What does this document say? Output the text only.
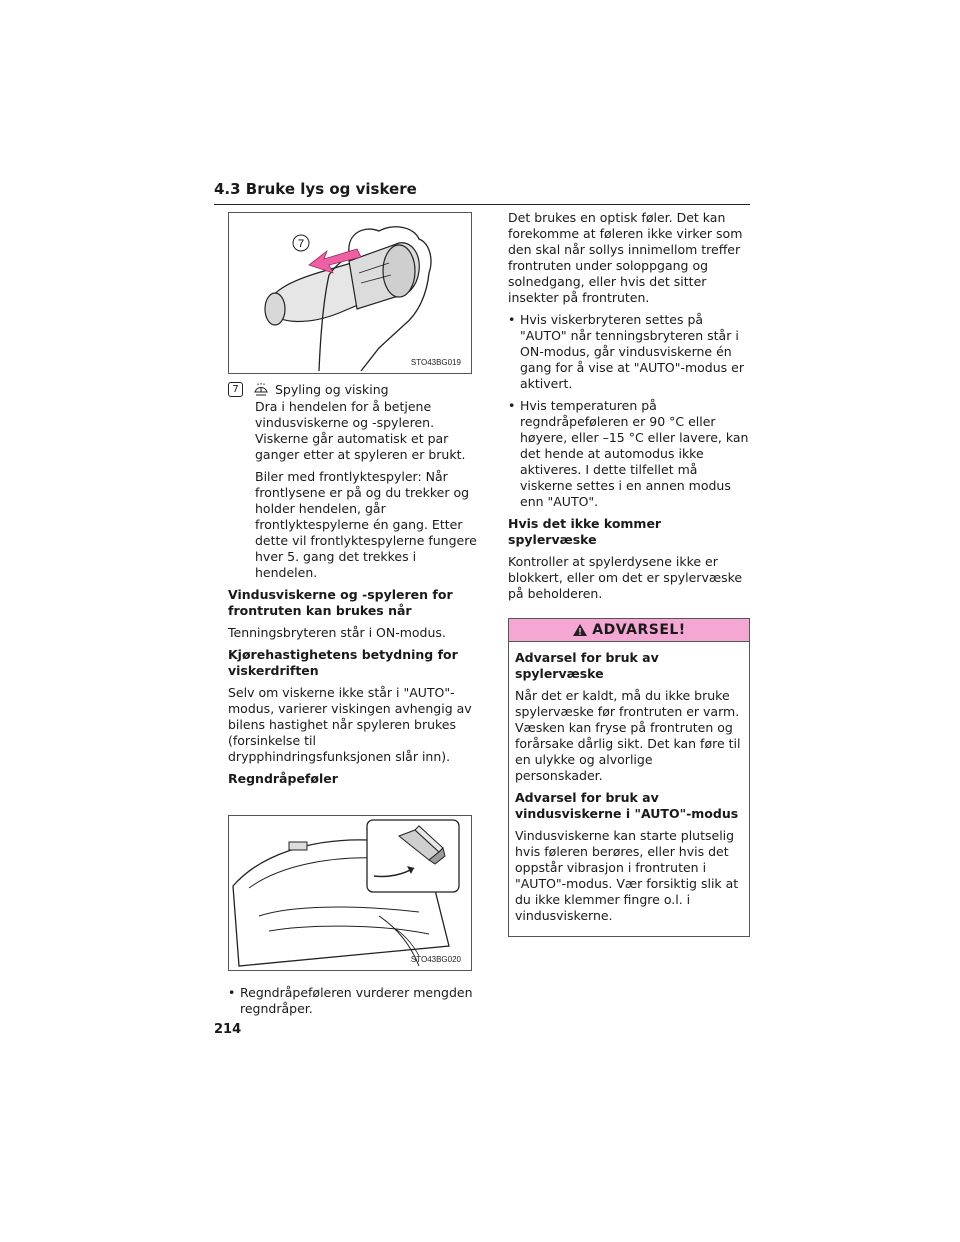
4.3 Bruke lys og viskere
7
STO43BG019
7	Spyling og visking

Dra i hendelen for å betjene vindusviskerne og -spyleren. Viskerne går automatisk et par ganger etter at spyleren er brukt.

Biler med frontlyktespyler: Når frontlysene er på og du trekker og holder hendelen, går frontlyktespylerne én gang. Etter dette vil frontlyktespylerne fungere hver 5. gang det trekkes i hendelen.

Vindusviskerne og -spyleren for frontruten kan brukes når

Tenningsbryteren står i ON-modus.

Kjørehastighetens betydning for viskerdriften

Selv om viskerne ikke står i "AUTO"-modus, varierer viskingen avhengig av bilens hastighet når spyleren brukes (forsinkelse til drypphindringsfunksjonen slår inn).

Regndråpeføler

STO43BG020
• Regndråpeføleren vurderer mengden regndråper.

Det brukes en optisk føler. Det kan forekomme at føleren ikke virker som den skal når sollys innimellom treffer frontruten under soloppgang og solnedgang, eller hvis det sitter insekter på frontruten.

• Hvis viskerbryteren settes på "AUTO" når tenningsbryteren står i ON-modus, går vindusviskerne én gang for å vise at "AUTO"-modus er aktivert.
• Hvis temperaturen på regndråpeføleren er 90 °C eller høyere, eller –15 °C eller lavere, kan det hende at automodus ikke aktiveres. I dette tilfellet må viskerne settes i en annen modus enn "AUTO".

Hvis det ikke kommer spylervæske

Kontroller at spylerdysene ikke er blokkert, eller om det er spylervæske på beholderen.

ADVARSEL!

Advarsel for bruk av spylervæske

Når det er kaldt, må du ikke bruke spylervæske før frontruten er varm. Væsken kan fryse på frontruten og forårsake dårlig sikt. Det kan føre til en ulykke og alvorlige personskader.

Advarsel for bruk av vindusviskerne i "AUTO"-modus

Vindusviskerne kan starte plutselig hvis føleren berøres, eller hvis det oppstår vibrasjon i frontruten i "AUTO"-modus. Vær forsiktig slik at du ikke klemmer fingre o.l. i vindusviskerne.

214
